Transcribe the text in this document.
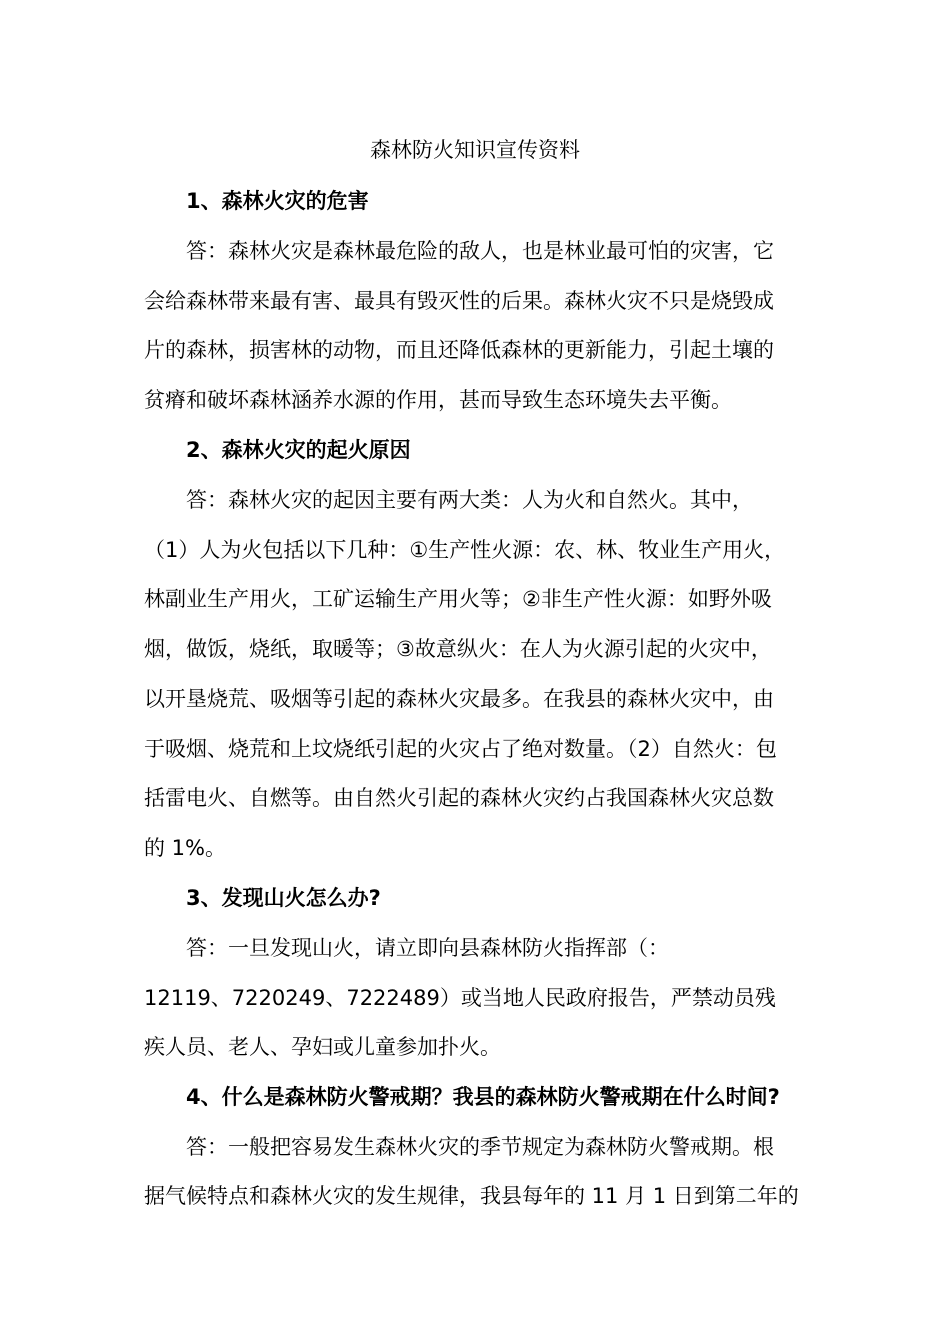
森林防火知识宣传资料
1、森林火灾的危害
答：森林火灾是森林最危险的敌人，也是林业最可怕的灾害，它
会给森林带来最有害、最具有毁灭性的后果。森林火灾不只是烧毁成
片的森林，损害林的动物，而且还降低森林的更新能力，引起土壤的
贫瘠和破坏森林涵养水源的作用，甚而导致生态环境失去平衡。
2、森林火灾的起火原因
答：森林火灾的起因主要有两大类：人为火和自然火。其中，
（1）人为火包括以下几种：①生产性火源：农、林、牧业生产用火，
林副业生产用火，工矿运输生产用火等；②非生产性火源：如野外吸
烟，做饭，烧纸，取暖等；③故意纵火：在人为火源引起的火灾中，
以开垦烧荒、吸烟等引起的森林火灾最多。在我县的森林火灾中，由
于吸烟、烧荒和上坟烧纸引起的火灾占了绝对数量。（2）自然火：包
括雷电火、自燃等。由自然火引起的森林火灾约占我国森林火灾总数
的 1%。
3、发现山火怎么办?
答：一旦发现山火，请立即向县森林防火指挥部（：
12119、7220249、7222489）或当地人民政府报告，严禁动员残
疾人员、老人、孕妇或儿童参加扑火。
4、什么是森林防火警戒期？我县的森林防火警戒期在什么时间?
答：一般把容易发生森林火灾的季节规定为森林防火警戒期。根
据气候特点和森林火灾的发生规律，我县每年的 11 月 1 日到第二年的
